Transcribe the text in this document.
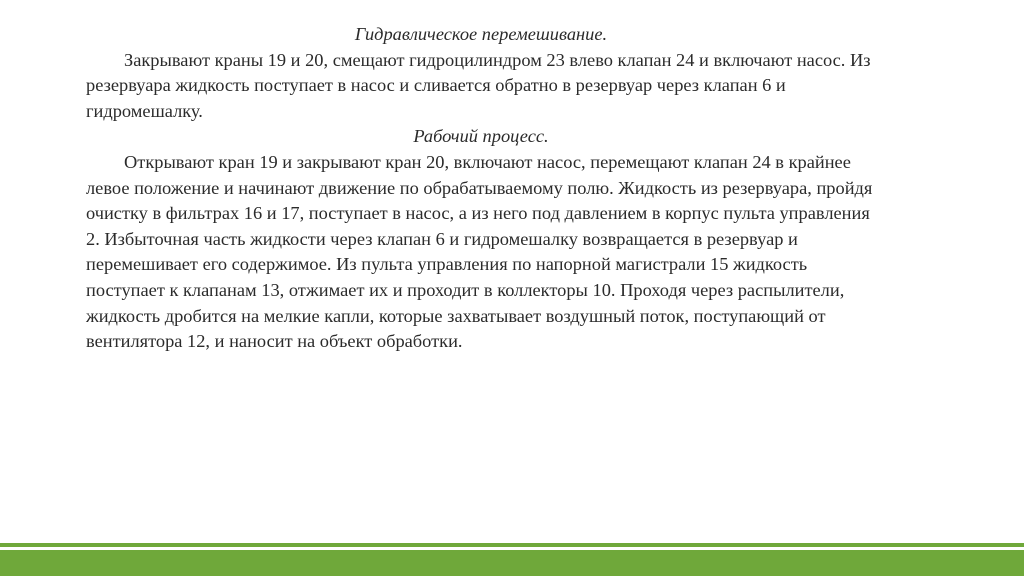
Гидравлическое перемешивание.

Закрывают краны 19 и 20, смещают гидроцилиндром 23 влево клапан 24 и включают насос. Из резервуара жидкость поступает в насос и сливается обратно в резервуар через клапан 6 и гидромешалку.

Рабочий процесс.

Открывают кран 19 и закрывают кран 20, включают насос, перемещают клапан 24 в крайнее левое положение и начинают движение по обрабатываемому полю. Жидкость из резервуара, пройдя очистку в фильтрах 16 и 17, поступает в насос, а из него под давлением в корпус пульта управления 2. Избыточная часть жидкости через клапан 6 и гидромешалку возвращается в резервуар и перемешивает его содержимое. Из пульта управления по напорной магистрали 15 жидкость поступает к клапанам 13, отжимает их и проходит в коллекторы 10. Проходя через распылители, жидкость дробится на мелкие капли, которые захватывает воздушный поток, поступающий от вентилятора 12, и наносит на объект обработки.
